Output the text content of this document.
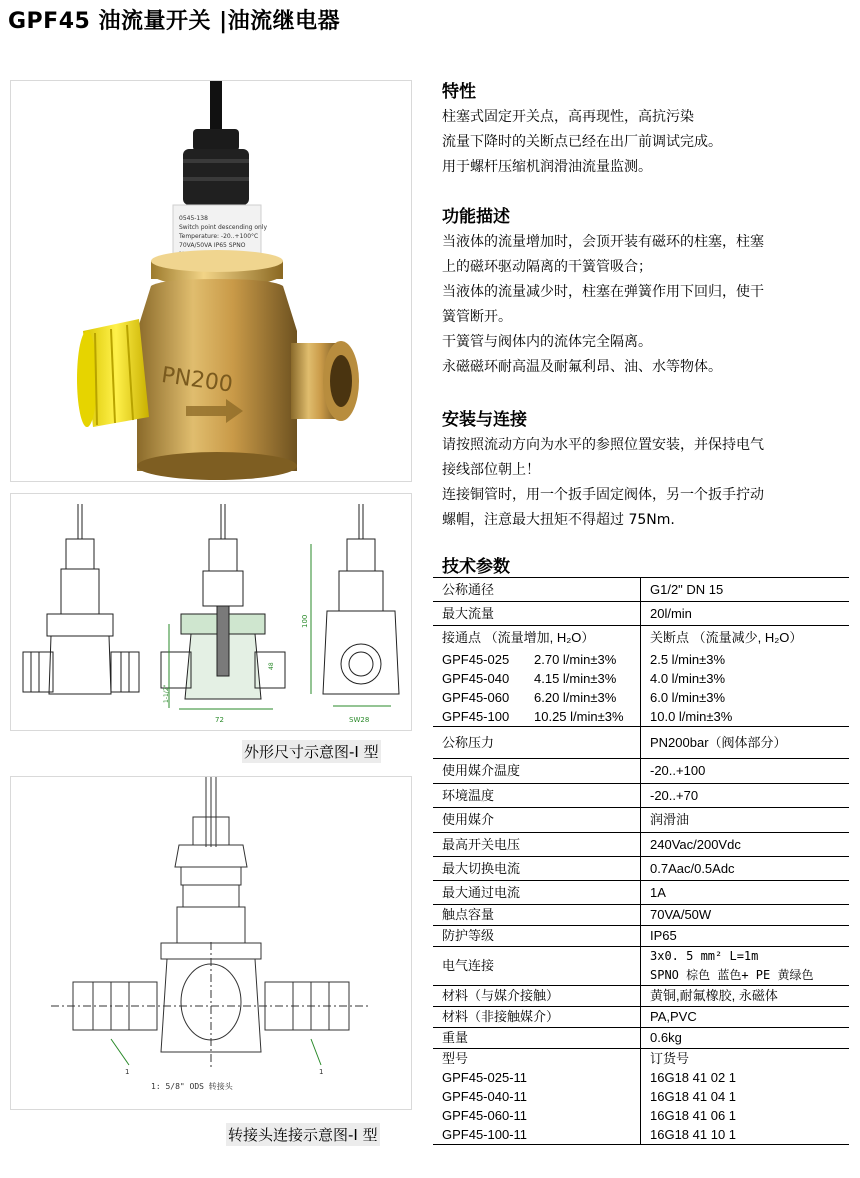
GPF45 油流量开关 |油流继电器
0545-138
Switch point descending only
Temperature: -20..+100°C
70VA/50VA IP65 SPNO
PN200
72
1-1/2"
48
SW28
100
外形尺寸示意图-I 型
1	1
1: 5/8" ODS 转接头
转接头连接示意图-I 型
特性

柱塞式固定开关点，高再现性，高抗污染

流量下降时的关断点已经在出厂前调试完成。

用于螺杆压缩机润滑油流量监测。

功能描述

当液体的流量增加时，会顶开装有磁环的柱塞，柱塞

上的磁环驱动隔离的干簧管吸合；

当液体的流量减少时，柱塞在弹簧作用下回归，使干

簧管断开。

干簧管与阀体内的流体完全隔离。

永磁磁环耐高温及耐氟利昂、油、水等物体。

安装与连接

请按照流动方向为水平的参照位置安装，并保持电气

接线部位朝上！

连接铜管时，用一个扳手固定阀体，另一个扳手拧动

螺帽，注意最大扭矩不得超过 75Nm.

技术参数
公称通径	G1/2" DN 15
最大流量	20l/min
接通点 （流量增加, H₂O）	关断点 （流量减少, H₂O）
GPF45-025 2.70 l/min±3%	2.5 l/min±3%
GPF45-040 4.15 l/min±3%	4.0 l/min±3%
GPF45-060 6.20 l/min±3%	6.0 l/min±3%
GPF45-100 10.25 l/min±3%	10.0 l/min±3%
公称压力	PN200bar（阀体部分）
使用媒介温度	-20..+100
环境温度	-20..+70
使用媒介	润滑油
最高开关电压	240Vac/200Vdc
最大切换电流	0.7Aac/0.5Adc
最大通过电流	1A
触点容量	70VA/50W
防护等级	IP65
电气连接	3x0. 5 mm² L=1m
SPNO 棕色 蓝色+ PE 黄绿色

材料（与媒介接触）	黄铜,耐氟橡胶, 永磁体
材料（非接触媒介）	PA,PVC
重量	0.6kg
型号	订货号
GPF45-025-11	16G18 41 02 1
GPF45-040-11	16G18 41 04 1
GPF45-060-11	16G18 41 06 1
GPF45-100-11	16G18 41 10 1
